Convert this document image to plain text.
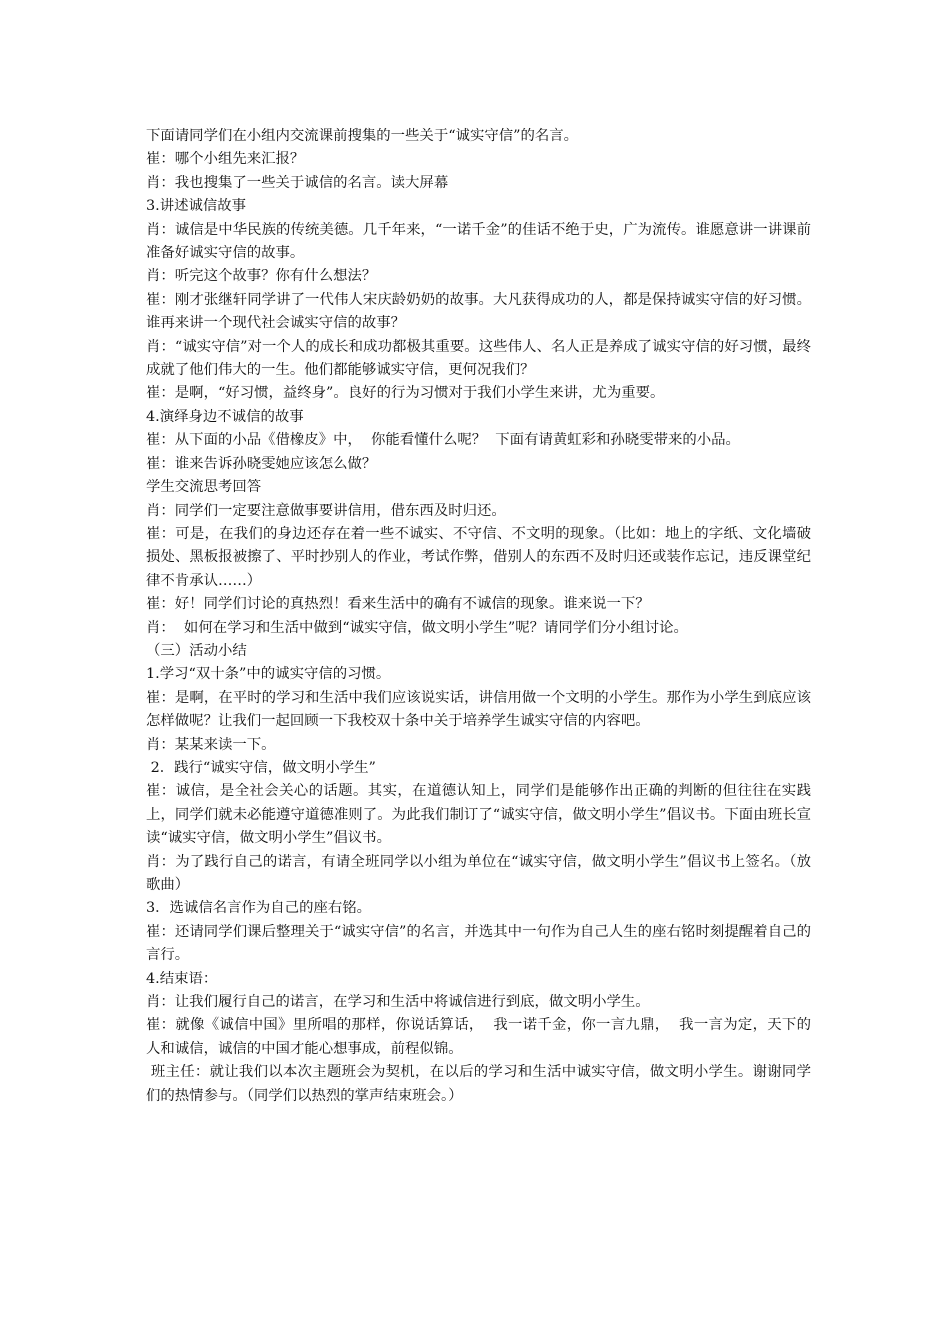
下面请同学们在小组内交流课前搜集的一些关于“诚实守信”的名言。

崔：哪个小组先来汇报？

肖：我也搜集了一些关于诚信的名言。读大屏幕

3.讲述诚信故事

肖：诚信是中华民族的传统美德。几千年来，“一诺千金”的佳话不绝于史，广为流传。谁愿意讲一讲课前准备好诚实守信的故事。

肖：听完这个故事？你有什么想法？

崔：刚才张继轩同学讲了一代伟人宋庆龄奶奶的故事。大凡获得成功的人，都是保持诚实守信的好习惯。谁再来讲一个现代社会诚实守信的故事？

肖：“诚实守信”对一个人的成长和成功都极其重要。这些伟人、名人正是养成了诚实守信的好习惯，最终成就了他们伟大的一生。他们都能够诚实守信，更何况我们？

崔：是啊，“好习惯，益终身”。良好的行为习惯对于我们小学生来讲，尤为重要。

4.演绎身边不诚信的故事

崔：从下面的小品《借橡皮》中，  你能看懂什么呢？  下面有请黄虹彩和孙晓雯带来的小品。

崔：谁来告诉孙晓雯她应该怎么做？

学生交流思考回答

肖：同学们一定要注意做事要讲信用，借东西及时归还。

崔：可是，在我们的身边还存在着一些不诚实、不守信、不文明的现象。（比如：地上的字纸、文化墙破损处、黑板报被擦了、平时抄别人的作业，考试作弊，借别人的东西不及时归还或装作忘记，违反课堂纪律不肯承认……）

崔：好！同学们讨论的真热烈！看来生活中的确有不诚信的现象。谁来说一下？

肖：  如何在学习和生活中做到“诚实守信，做文明小学生”呢？请同学们分小组讨论。

（三）活动小结

1.学习“双十条”中的诚实守信的习惯。

崔：是啊，在平时的学习和生活中我们应该说实话，讲信用做一个文明的小学生。那作为小学生到底应该怎样做呢？让我们一起回顾一下我校双十条中关于培养学生诚实守信的内容吧。

肖：某某来读一下。

2．践行“诚实守信，做文明小学生”

崔：诚信，是全社会关心的话题。其实，在道德认知上，同学们是能够作出正确的判断的但往往在实践上，同学们就未必能遵守道德准则了。为此我们制订了“诚实守信，做文明小学生”倡议书。下面由班长宣读“诚实守信，做文明小学生”倡议书。

肖：为了践行自己的诺言，有请全班同学以小组为单位在“诚实守信，做文明小学生”倡议书上签名。（放歌曲）

3．选诚信名言作为自己的座右铭。

崔：还请同学们课后整理关于“诚实守信”的名言，并选其中一句作为自己人生的座右铭时刻提醒着自己的言行。

4.结束语：

肖：让我们履行自己的诺言，在学习和生活中将诚信进行到底，做文明小学生。

崔：就像《诚信中国》里所唱的那样，你说话算话，  我一诺千金，你一言九鼎，  我一言为定，天下的人和诚信，诚信的中国才能心想事成，前程似锦。

班主任：就让我们以本次主题班会为契机，在以后的学习和生活中诚实守信，做文明小学生。谢谢同学们的热情参与。（同学们以热烈的掌声结束班会。）
